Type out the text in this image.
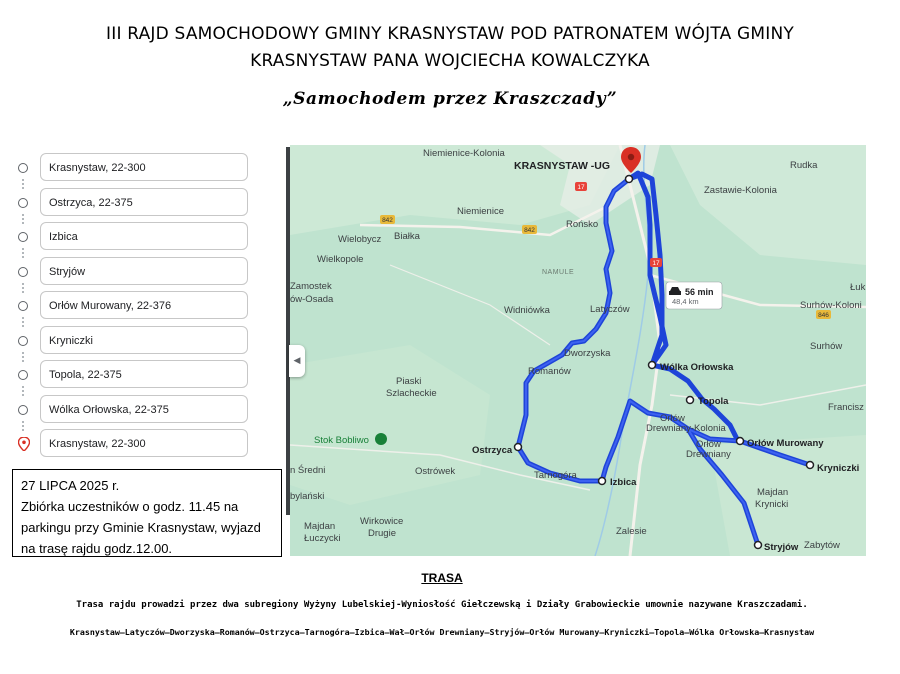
III RAJD SAMOCHODOWY GMINY KRASNYSTAW POD PATRONATEM WÓJTA GMINY
KRASNYSTAW PANA WOJCIECHA KOWALCZYKA
„Samochodem przez Kraszczady”
Krasnystaw, 22-300
Ostrzyca, 22-375
Izbica
Stryjów
Orłów Murowany, 22-376
Kryniczki
Topola, 22-375
Wólka Orłowska, 22-375
Krasnystaw, 22-300
17
17
842
842
846
56 min
48,4 km
KRASNYSTAW -UG
Niemienice-Kolonia
Rudka
Niemienice
Zastawie-Kolonia
Rońsko
Wielobycz Białka
Wielkopole
NAMULE
Zamostek
ów-Osada
Łuk
Surhów-Koloni
Widniówka	Latyczów
Surhów
Dworzyska
Romanów	Wólka Orłowska
Piaski
Szlacheckie
Topola
Francisz
Orłów
Drewniany-Kolonia
Stok Bobliwo	Orłów Murowany
Ostrzyca
Orłów
Drewniany
n Średni	Kryniczki
Ostrówek	Tarnogóra
Izbica
bylański	Majdan
Krynicki
Wirkowice
Drugie
Majdan
Łuczycki
Zalesie
Stryjów Zabytów
◀
27 LIPCA 2025 r.
Zbiórka uczestników o godz. 11.45 na
parkingu przy Gminie Krasnystaw, wyjazd
na trasę rajdu godz.12.00.
TRASA
Trasa rajdu prowadzi przez dwa subregiony Wyżyny Lubelskiej-Wyniosłość Giełczewską i Działy Grabowieckie umownie nazywane Kraszczadami.
Krasnystaw–Latyczów–Dworzyska–Romanów–Ostrzyca–Tarnogóra–Izbica–Wał–Orłów Drewniany–Stryjów–Orłów Murowany–Kryniczki–Topola–Wólka Orłowska–Krasnystaw
